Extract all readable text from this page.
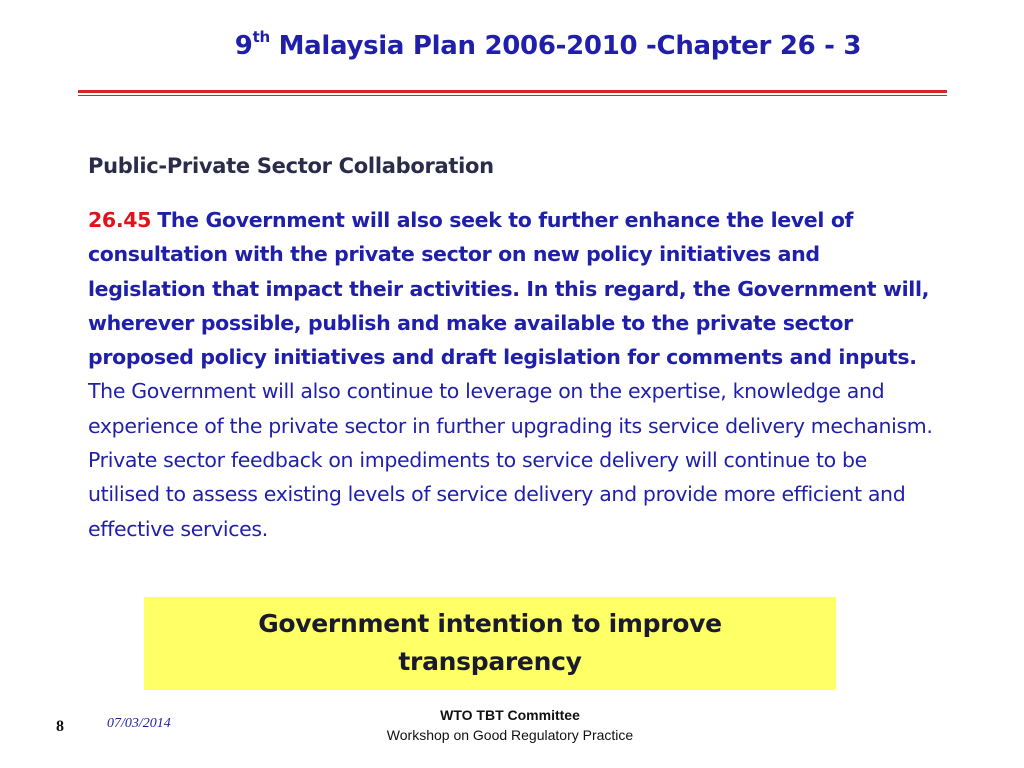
9th Malaysia Plan 2006-2010 -Chapter 26 - 3
Public-Private Sector Collaboration

26.45 The Government will also seek to further enhance the level of consultation with the private sector on new policy initiatives and legislation that impact their activities. In this regard, the Government will, wherever possible, publish and make available to the private sector proposed policy initiatives and draft legislation for comments and inputs. The Government will also continue to leverage on the expertise, knowledge and experience of the private sector in further upgrading its service delivery mechanism. Private sector feedback on impediments to service delivery will continue to be utilised to assess existing levels of service delivery and provide more efficient and effective services.

Government intention to improve transparency
8	07/03/2014
WTO TBT Committee
Workshop on Good Regulatory Practice
